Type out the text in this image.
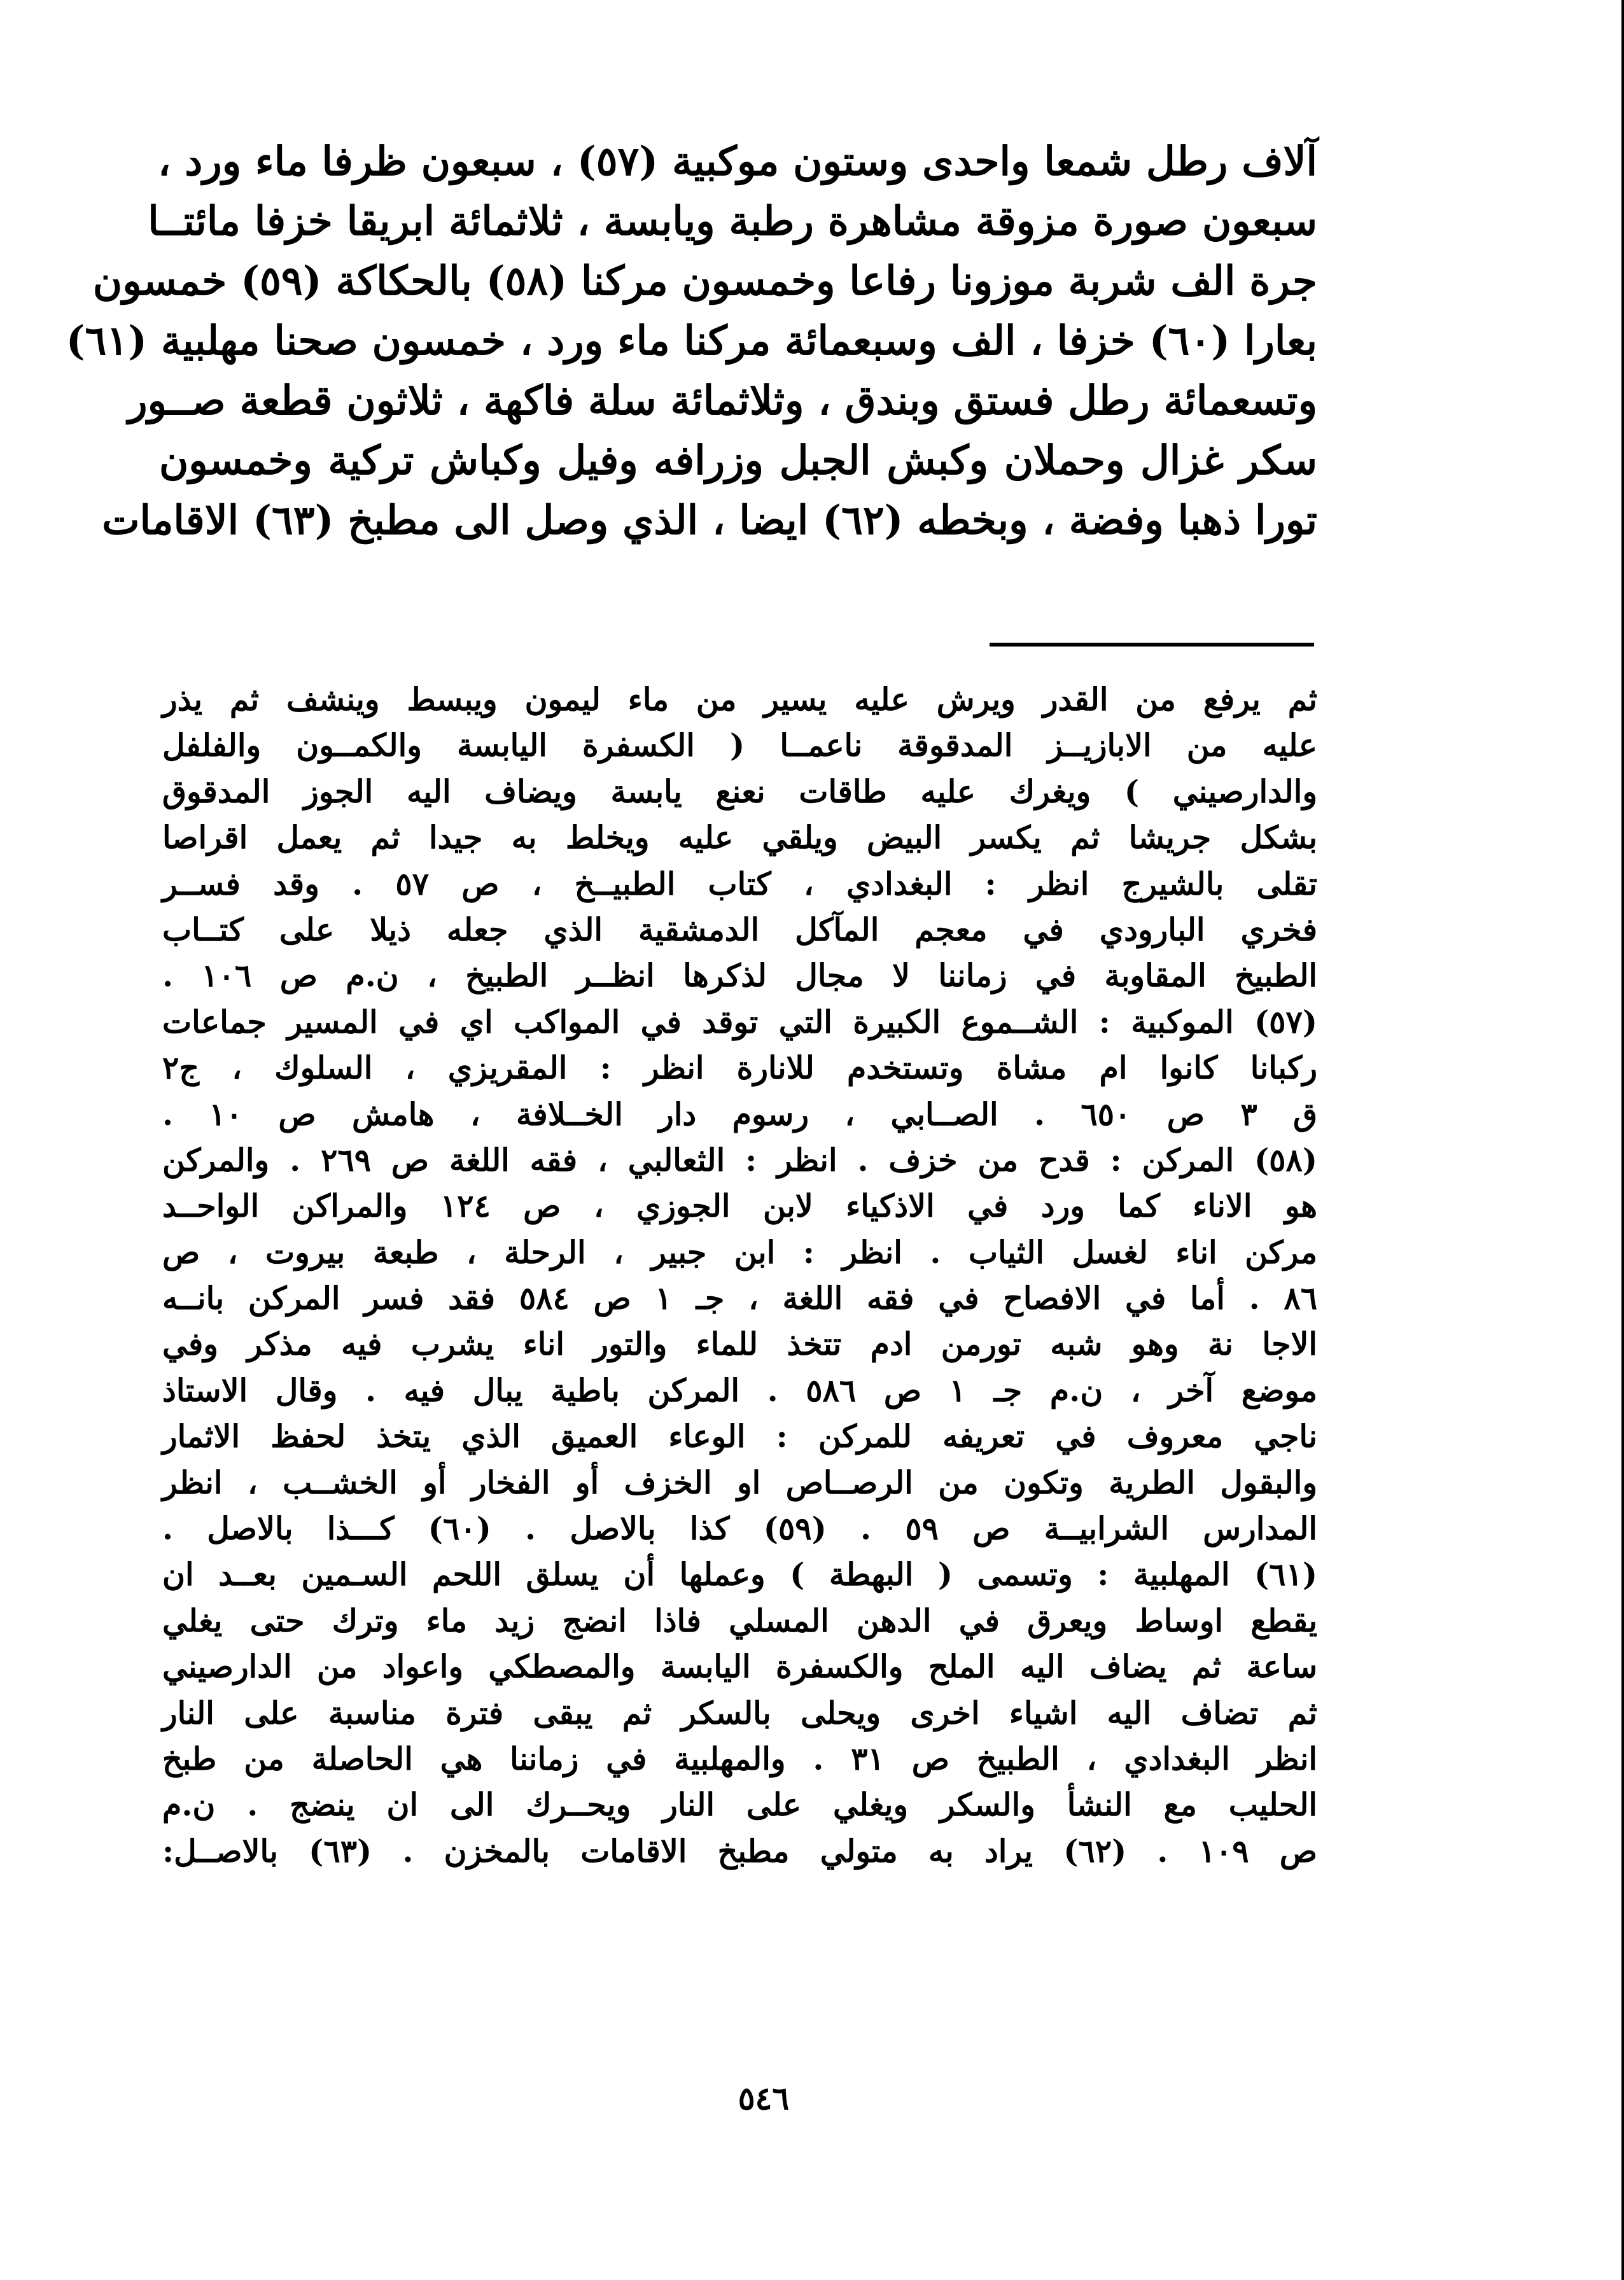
آلاف رطل شمعا واحدى وستون موكبية (٥٧) ، سبعون ظرفا ماء ورد ،
سبعون صورة مزوقة مشاهرة رطبة ويابسة ، ثلاثمائة ابريقا خزفا مائتــا
جرة الف شربة موزونا رفاعا وخمسون مركنا (٥٨) بالحكاكة (٥٩) خمسون
بعارا (٦٠) خزفا ، الف وسبعمائة مركنا ماء ورد ، خمسون صحنا مهلبية (٦١)
وتسعمائة رطل فستق وبندق ، وثلاثمائة سلة فاكهة ، ثلاثون قطعة صــور
سكر غزال وحملان وكبش الجبل وزرافه وفيل وكباش تركية وخمسون
تورا ذهبا وفضة ، وبخطه (٦٢) ايضا ، الذي وصل الى مطبخ (٦٣) الاقامات
ثم يرفع من القدر ويرش عليه يسير من ماء ليمون ويبسط وينشف ثم يذر
عليه من الابازيــز المدقوقة ناعمــا ( الكسفرة اليابسة والكمــون والفلفل
والدارصيني ) ويغرك عليه طاقات نعنع يابسة ويضاف اليه الجوز المدقوق
بشكل جريشا ثم يكسر البيض ويلقي عليه ويخلط به جيدا ثم يعمل اقراصا
تقلى بالشيرج انظر : البغدادي ، كتاب الطبيــخ ، ص ٥٧ . وقد فســر
فخري البارودي في معجم المآكل الدمشقية الذي جعله ذيلا على كتــاب
الطبيخ المقاوبة في زماننا لا مجال لذكرها انظــر الطبيخ ، ن.م ص ١٠٦ .
(٥٧) الموكبية : الشــموع الكبيرة التي توقد في المواكب اي في المسير جماعات
ركبانا كانوا ام مشاة وتستخدم للانارة انظر : المقريزي ، السلوك ، ج٢
ق ٣ ص ٦٥٠ . الصــابي ، رسوم دار الخــلافة ، هامش ص ١٠ .
(٥٨) المركن : قدح من خزف . انظر : الثعالبي ، فقه اللغة ص ٢٦٩ . والمركن
هو الاناء كما ورد في الاذكياء لابن الجوزي ، ص ١٢٤ والمراكن الواحــد
مركن اناء لغسل الثياب . انظر : ابن جبير ، الرحلة ، طبعة بيروت ، ص
٨٦ . أما في الافصاح في فقه اللغة ، جـ ١ ص ٥٨٤ فقد فسر المركن بانــه
الاجا نة وهو شبه تورمن ادم تتخذ للماء والتور اناء يشرب فيه مذكر وفي
موضع آخر ، ن.م جـ ١ ص ٥٨٦ . المركن باطية يبال فيه . وقال الاستاذ
ناجي معروف في تعريفه للمركن : الوعاء العميق الذي يتخذ لحفظ الاثمار
والبقول الطرية وتكون من الرصــاص او الخزف أو الفخار أو الخشــب ، انظر
المدارس الشرابيــة ص ٥٩ . (٥٩) كذا بالاصل . (٦٠) كـــذا بالاصل .
(٦١) المهلبية : وتسمى ( البهطة ) وعملها أن يسلق اللحم السـمين بعــد ان
يقطع اوساط ويعرق في الدهن المسلي فاذا انضج زيد ماء وترك حتى يغلي
ساعة ثم يضاف اليه الملح والكسفرة اليابسة والمصطكي واعواد من الدارصيني
ثم تضاف اليه اشياء اخرى ويحلى بالسكر ثم يبقى فترة مناسبة على النار
انظر البغدادي ، الطبيخ ص ٣١ . والمهلبية في زماننا هي الحاصلة من طبخ
الحليب مع النشأ والسكر ويغلي على النار ويحــرك الى ان ينضج . ن.م
ص ١٠٩ . (٦٢) يراد به متولي مطبخ الاقامات بالمخزن . (٦٣) بالاصــل:
٥٤٦
